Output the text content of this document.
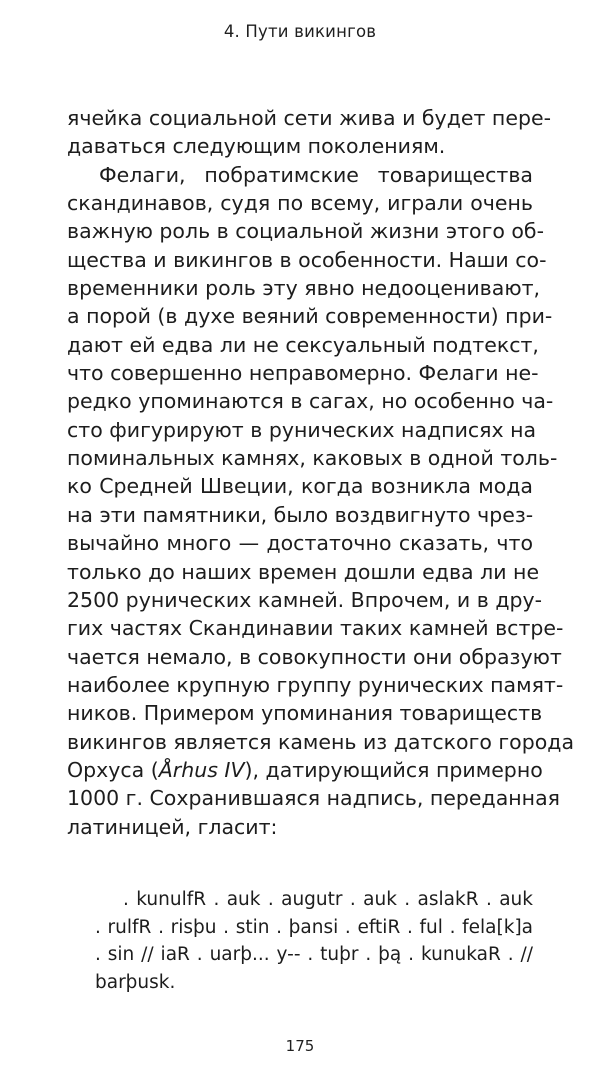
4. Пути викингов
ячейка социальной сети жива и будет пере-
даваться следующим поколениям.
Фелаги, побратимские товарищества
скандинавов, судя по всему, играли очень
важную роль в социальной жизни этого об-
щества и викингов в особенности. Наши со-
временники роль эту явно недооценивают,
а порой (в духе веяний современности) при-
дают ей едва ли не сексуальный подтекст,
что совершенно неправомерно. Фелаги не-
редко упоминаются в сагах, но особенно ча-
сто фигурируют в рунических надписях на
поминальных камнях, каковых в одной толь-
ко Средней Швеции, когда возникла мода
на эти памятники, было воздвигнуто чрез-
вычайно много — достаточно сказать, что
только до наших времен дошли едва ли не
2500 рунических камней. Впрочем, и в дру-
гих частях Скандинавии таких камней встре-
чается немало, в совокупности они образуют
наиболее крупную группу рунических памят-
ников. Примером упоминания товариществ
викингов является камень из датского города
Орхуса (Århus IV), датирующийся примерно
1000 г. Сохранившаяся надпись, переданная
латиницей, гласит:
. kunulfR . auk . augutr . auk . aslakR . auk
. rulfR . risþu . stin . þansi . eftiR . ful . fela[k]a
. sin // iaR . uarþ... y-- . tuþr . þą . kunukaR . //
barþusk.
175
